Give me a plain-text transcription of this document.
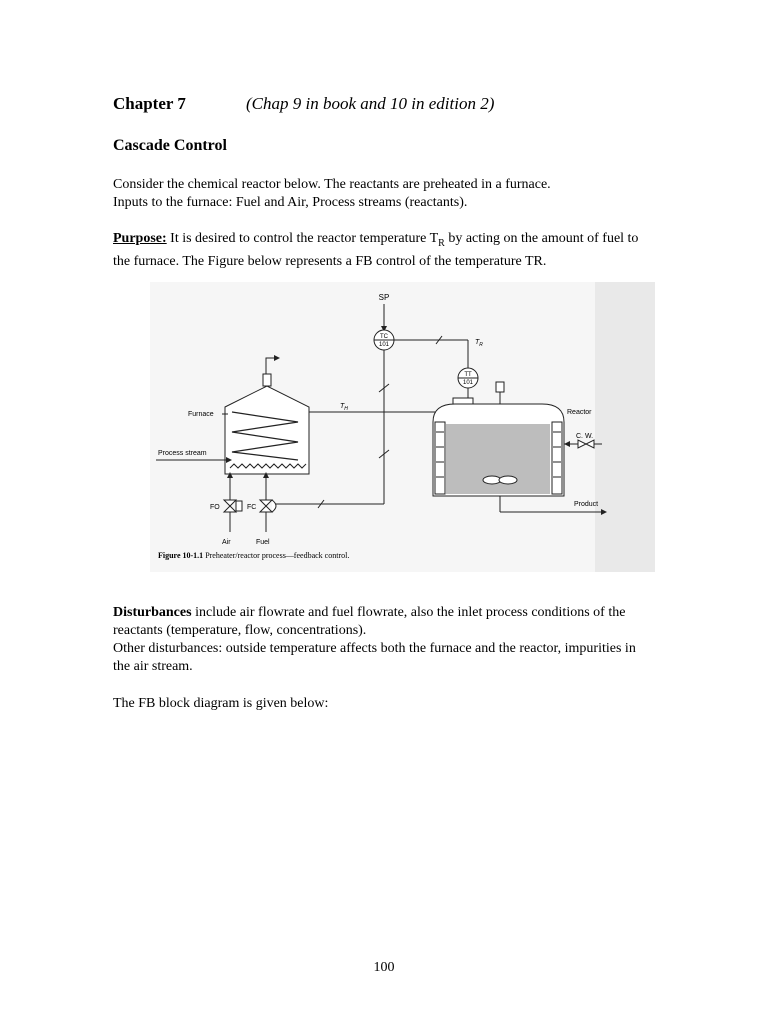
Chapter 7	(Chap 9 in book and 10 in edition 2)
Cascade Control
Consider the chemical reactor below. The reactants are preheated in a furnace.
Inputs to the furnace: Fuel and Air, Process streams (reactants).
Purpose: It is desired to control the reactor temperature $T_R$ by acting on the amount of fuel to the furnace. The Figure below represents a FB control of the temperature TR.
SP
TC
101	$T_R$
TT
101
Furnace
Process stream
$T_H$	Reactor
C. W.
Product
FO	FC
Air	Fuel
Figure 10-1.1 Preheater/reactor process—feedback control.
Disturbances include air flowrate and fuel flowrate, also the inlet process conditions of the reactants (temperature, flow, concentrations).
Other disturbances: outside temperature affects both the furnace and the reactor, impurities in the air stream.
The FB block diagram is given below:
100
